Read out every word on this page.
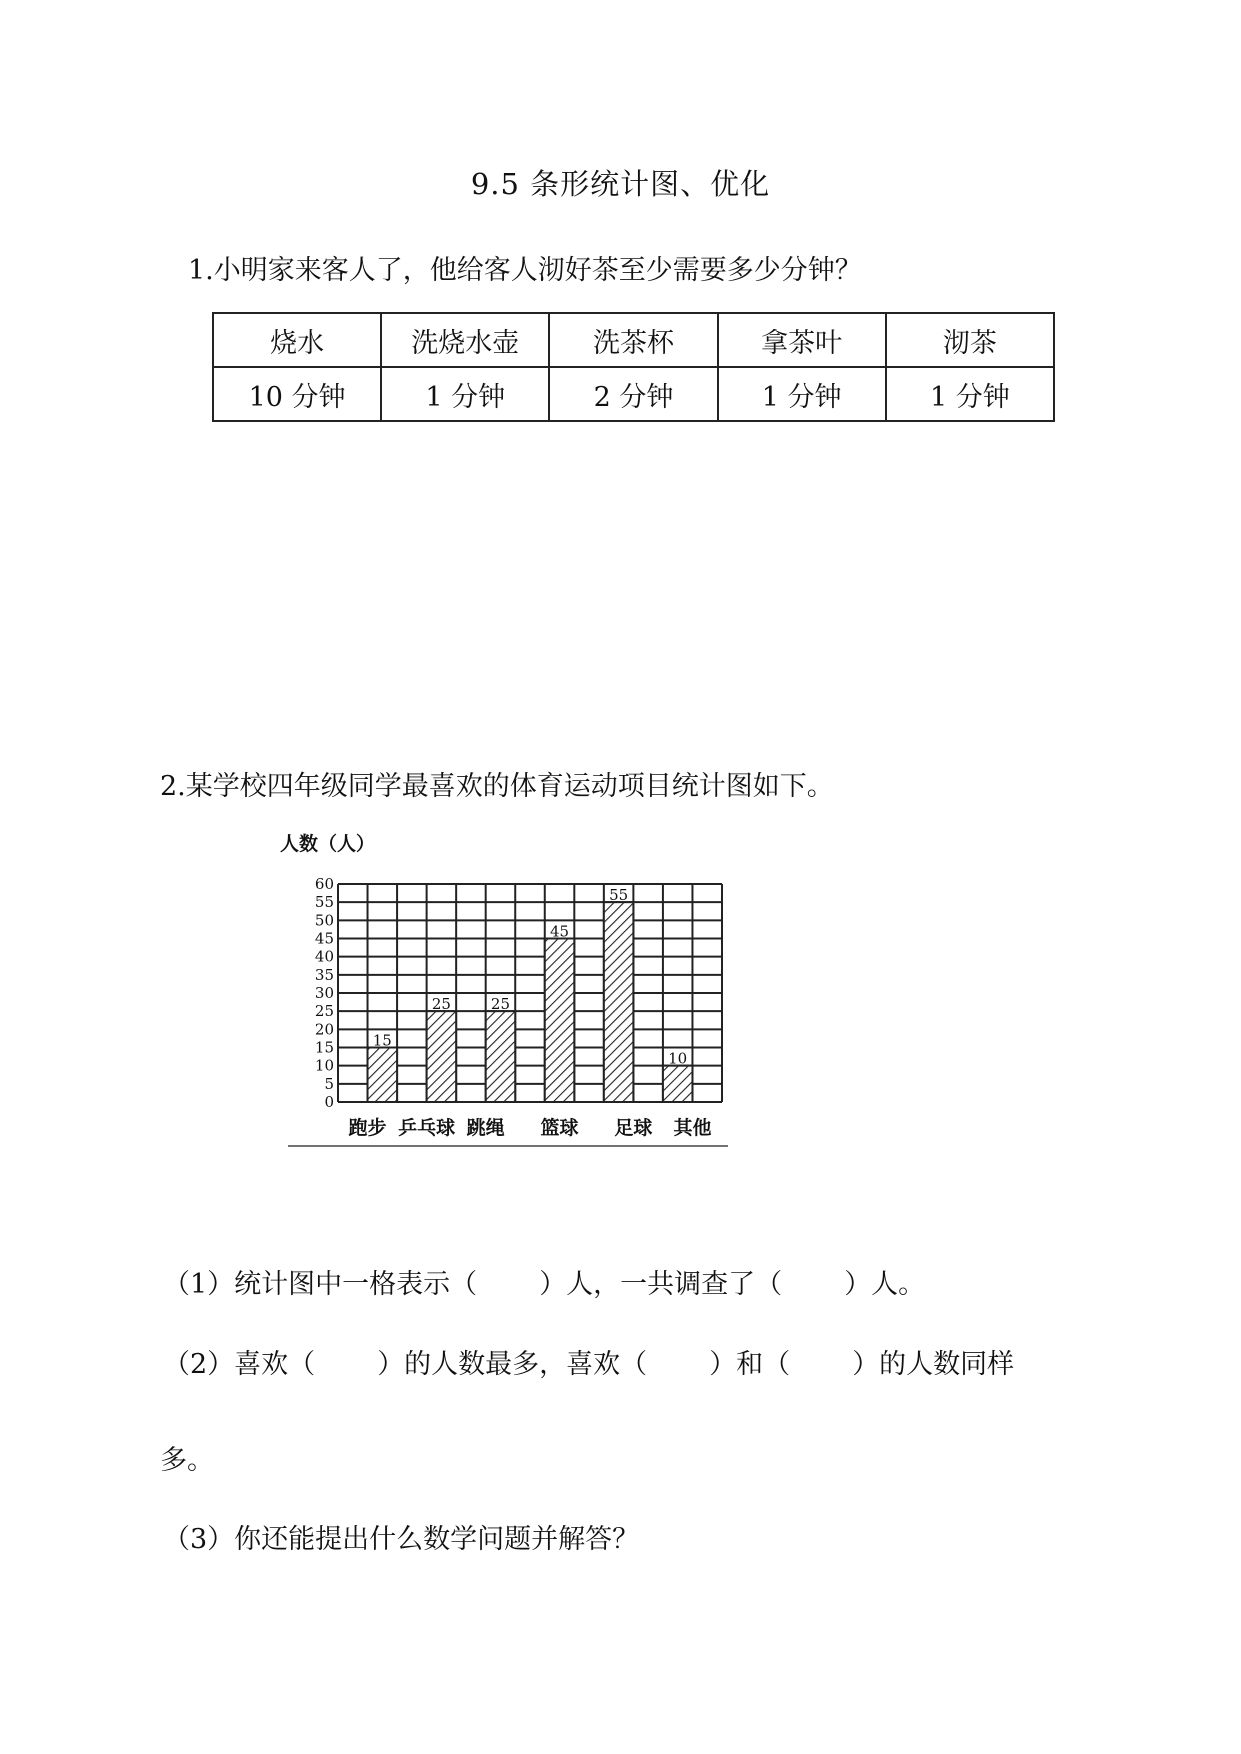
9.5 条形统计图、优化
1.小明家来客人了，他给客人沏好茶至少需要多少分钟？
烧水	洗烧水壶	洗茶杯	拿茶叶	沏茶
10 分钟	1 分钟	2 分钟	1 分钟	1 分钟
2.某学校四年级同学最喜欢的体育运动项目统计图如下。
人数（人）
0
5
10
15
20
25
30
35
40
45
50
55
60
15
25	25
45
55
10
跑步 乒乓球 跳绳 篮球 足球 其他
（1）统计图中一格表示（ ）人，一共调查了（ ）人。
（2）喜欢（ ）的人数最多，喜欢（ ）和（ ）的人数同样
多。
（3）你还能提出什么数学问题并解答？
